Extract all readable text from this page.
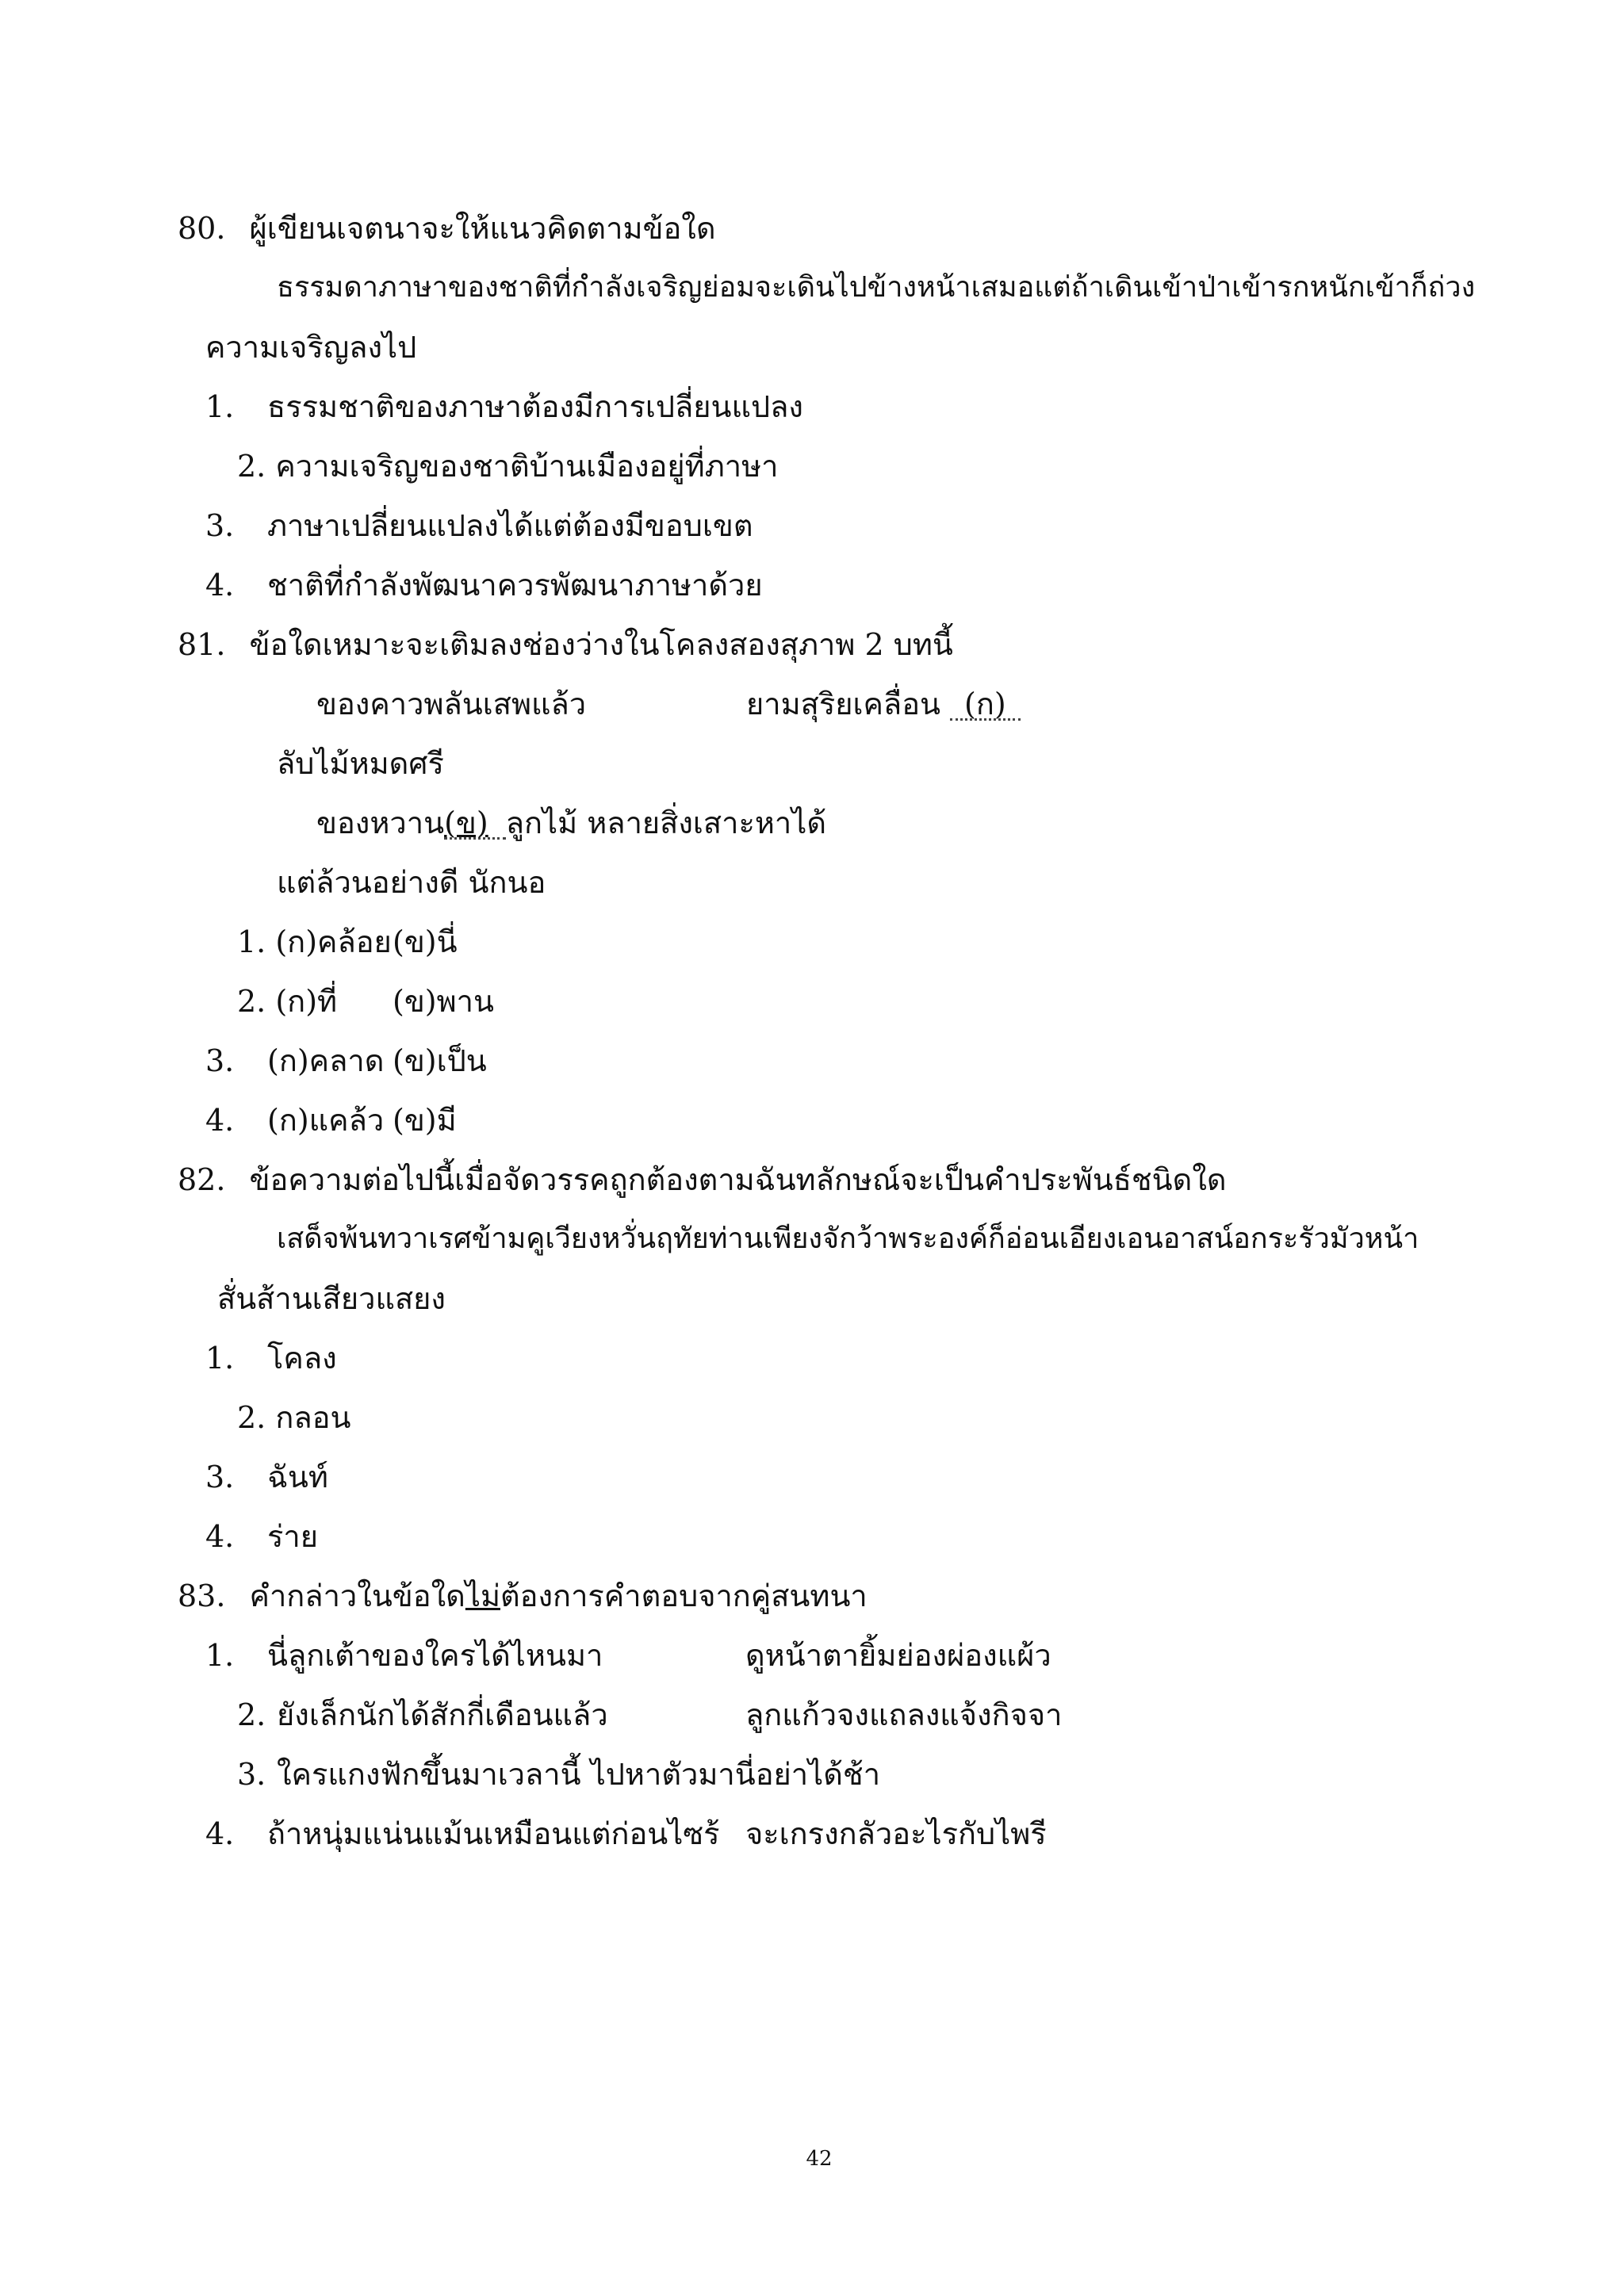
80. ผู้เขียนเจตนาจะให้แนวคิดตามข้อใด
ธรรมดาภาษาของชาติที่กำลังเจริญย่อมจะเดินไปข้างหน้าเสมอแต่ถ้าเดินเข้าป่าเข้ารกหนักเข้าก็ถ่วง
ความเจริญลงไป
1. ธรรมชาติของภาษาต้องมีการเปลี่ยนแปลง
2. ความเจริญของชาติบ้านเมืองอยู่ที่ภาษา
3. ภาษาเปลี่ยนแปลงได้แต่ต้องมีขอบเขต
4. ชาติที่กำลังพัฒนาควรพัฒนาภาษาด้วย
81. ข้อใดเหมาะจะเติมลงช่องว่างในโคลงสองสุภาพ 2 บทนี้
ของคาวพลันเสพแล้ว	ยามสุริยเคลื่อน (ก)
ลับไม้หมดศรี
ของหวาน(ข) ลูกไม้ หลายสิ่งเสาะหาได้
แต่ล้วนอย่างดี นักนอ
1. (ก)คล้อย (ข)นี่
2. (ก)ที่ (ข)พาน
3. (ก)คลาด (ข)เป็น
4. (ก)แคล้ว (ข)มี
82. ข้อความต่อไปนี้เมื่อจัดวรรคถูกต้องตามฉันทลักษณ์จะเป็นคำประพันธ์ชนิดใด
เสด็จพ้นทวาเรศข้ามคูเวียงหวั่นฤทัยท่านเพียงจักว้าพระองค์ก็อ่อนเอียงเอนอาสน์อกระรัวมัวหน้า
สั่นส้านเสียวแสยง
1. โคลง
2. กลอน
3. ฉันท์
4. ร่าย
83. คำกล่าวในข้อใดไม่ต้องการคำตอบจากคู่สนทนา
1. นี่ลูกเต้าของใครได้ไหนมา	ดูหน้าตายิ้มย่องผ่องแผ้ว
2. ยังเล็กนักได้สักกี่เดือนแล้ว	ลูกแก้วจงแถลงแจ้งกิจจา
3. ใครแกงฟักขึ้นมาเวลานี้ ไปหาตัวมานี่อย่าได้ช้า
4. ถ้าหนุ่มแน่นแม้นเหมือนแต่ก่อนไซร้ จะเกรงกลัวอะไรกับไพรี
42
